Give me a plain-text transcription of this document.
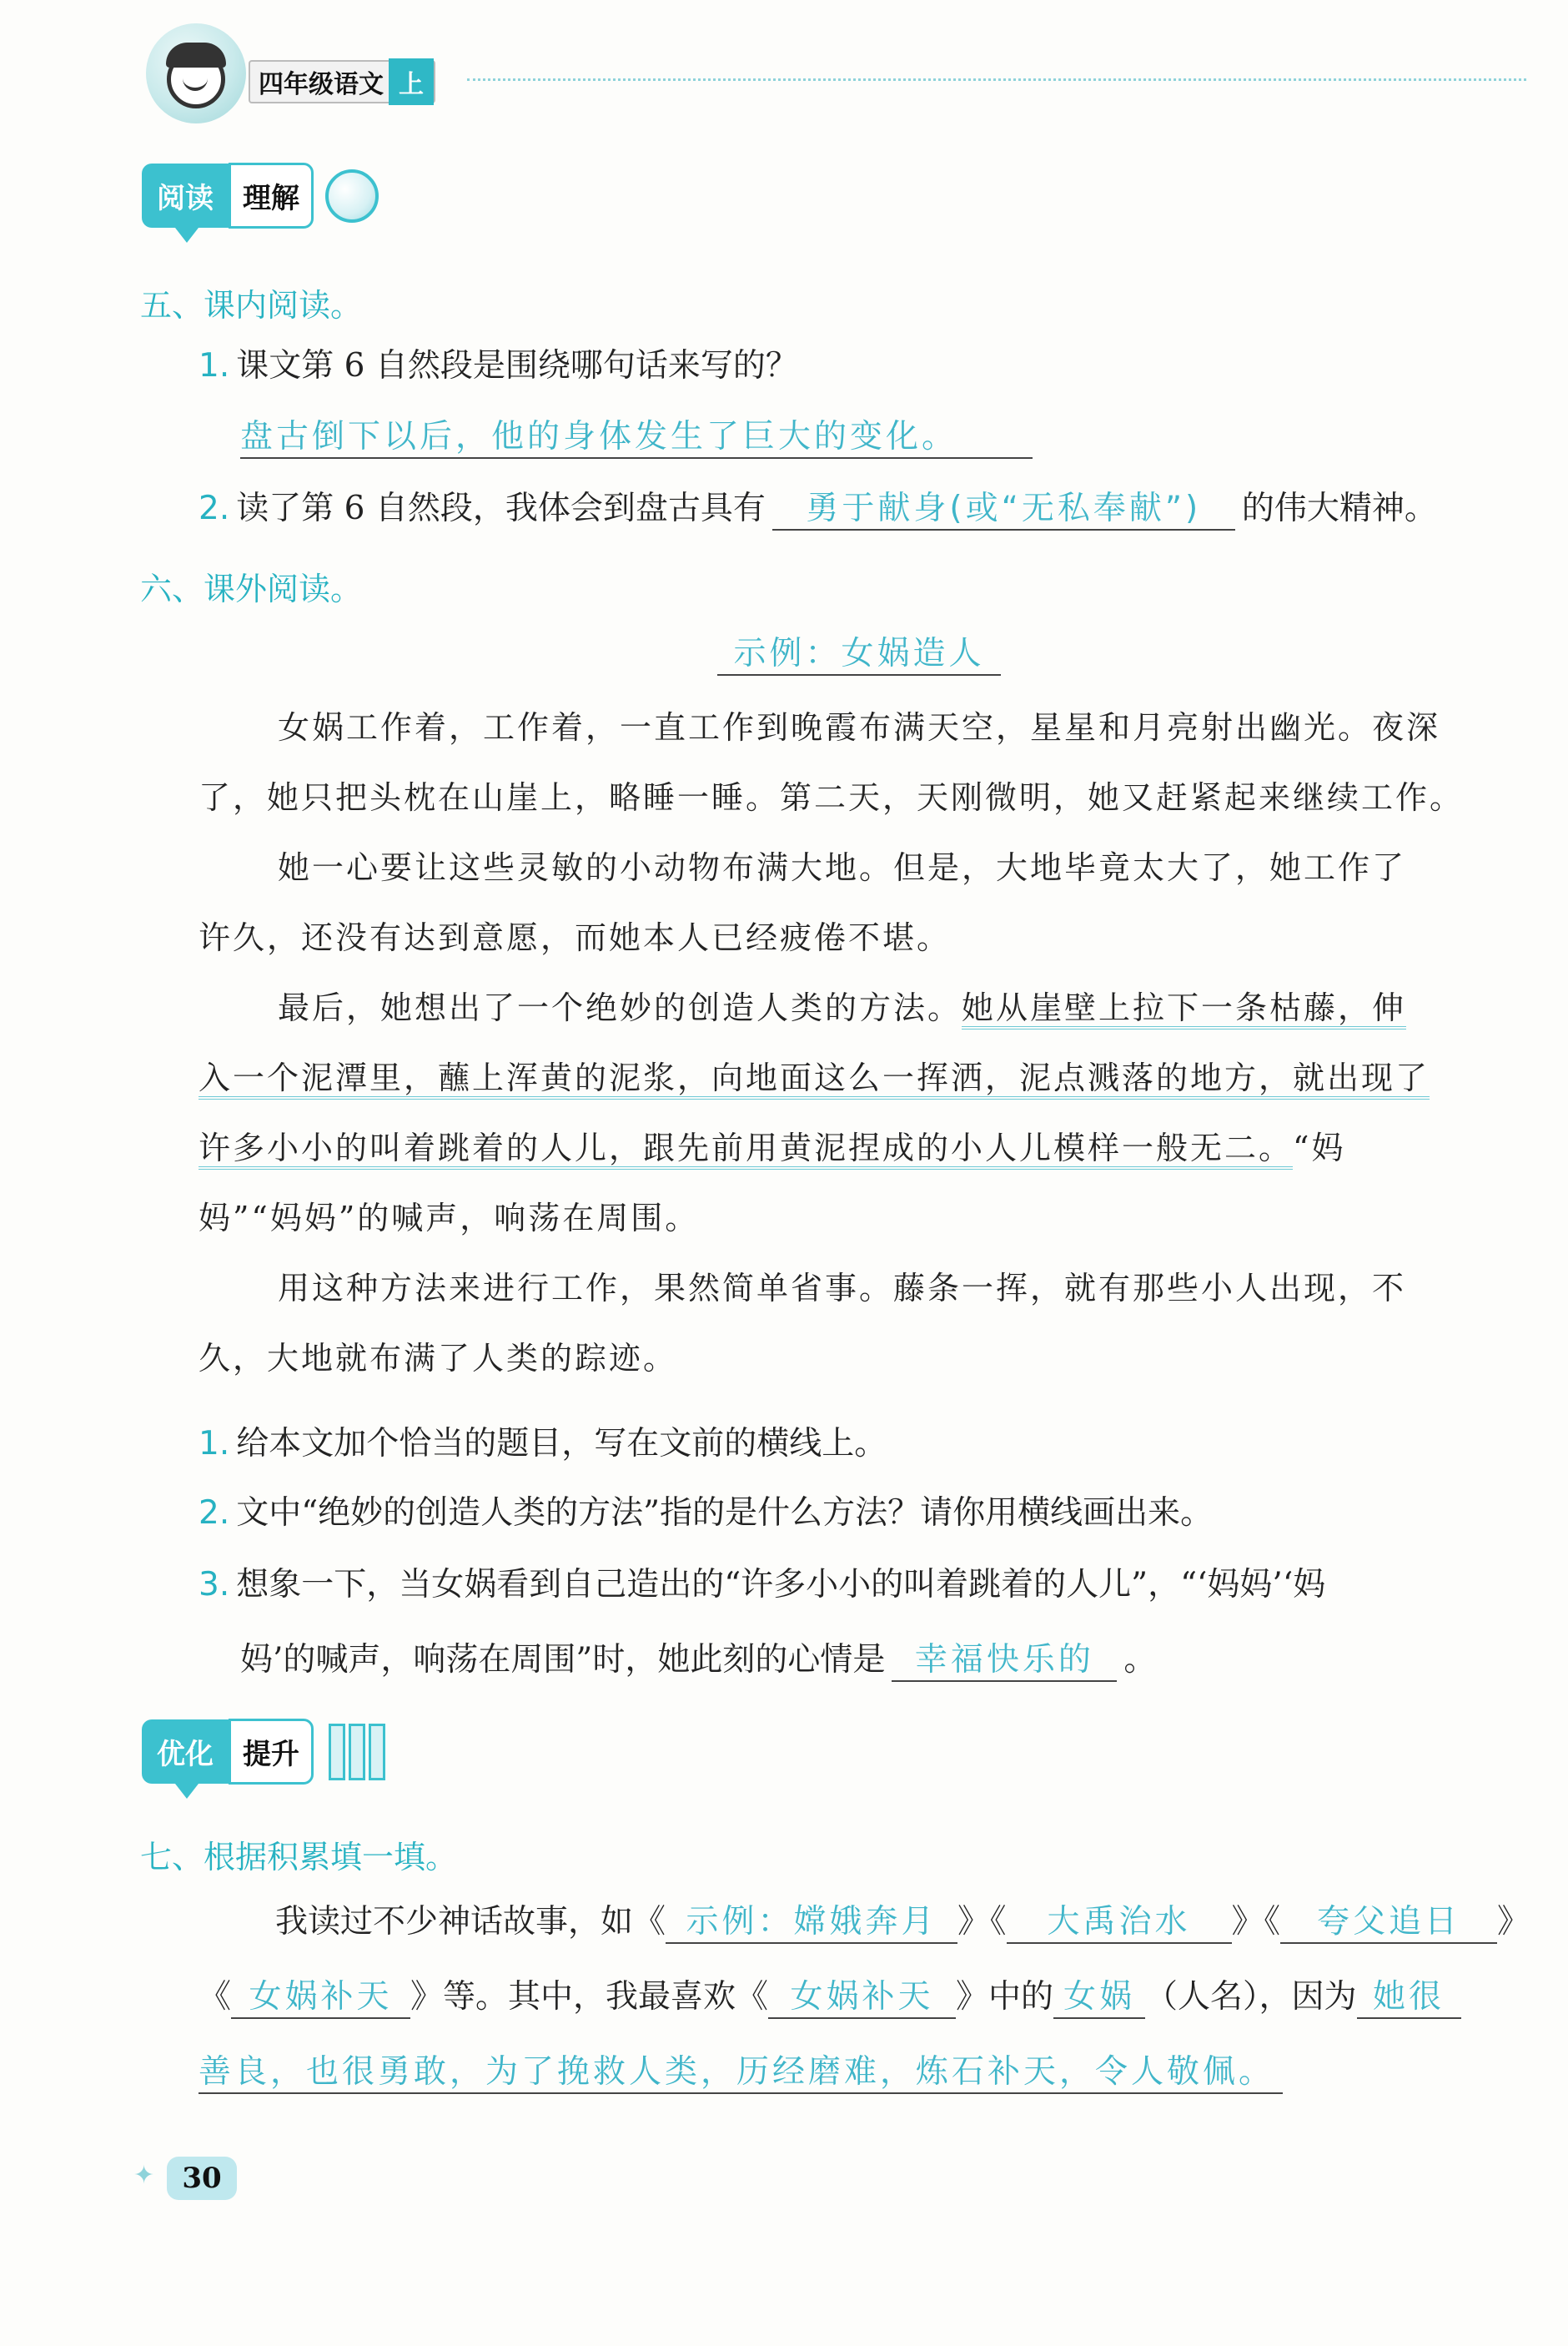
四年级语文 上
阅读	理解
五、课内阅读。
1. 课文第 6 自然段是围绕哪句话来写的？
盘古倒下以后，他的身体发生了巨大的变化。
2. 读了第 6 自然段，我体会到盘古具有 勇于献身(或“无私奉献”) 的伟大精神。
六、课外阅读。
示例：女娲造人
女娲工作着，工作着，一直工作到晚霞布满天空，星星和月亮射出幽光。夜深
了，她只把头枕在山崖上，略睡一睡。第二天，天刚微明，她又赶紧起来继续工作。
她一心要让这些灵敏的小动物布满大地。但是，大地毕竟太大了，她工作了
许久，还没有达到意愿，而她本人已经疲倦不堪。
最后，她想出了一个绝妙的创造人类的方法。她从崖壁上拉下一条枯藤，伸
入一个泥潭里，蘸上浑黄的泥浆，向地面这么一挥洒，泥点溅落的地方，就出现了
许多小小的叫着跳着的人儿，跟先前用黄泥捏成的小人儿模样一般无二。“妈
妈”“妈妈”的喊声，响荡在周围。
用这种方法来进行工作，果然简单省事。藤条一挥，就有那些小人出现，不
久，大地就布满了人类的踪迹。
1. 给本文加个恰当的题目，写在文前的横线上。
2. 文中“绝妙的创造人类的方法”指的是什么方法？请你用横线画出来。
3. 想象一下，当女娲看到自己造出的“许多小小的叫着跳着的人儿”，“‘妈妈’‘妈
妈’的喊声，响荡在周围”时，她此刻的心情是 幸福快乐的 。
优化	提升
七、根据积累填一填。
我读过不少神话故事，如《 示例：嫦娥奔月 》《 大禹治水 》《 夸父追日 》
《 女娲补天 》等。其中，我最喜欢《 女娲补天 》中的 女娲 （人名），因为 她很
善良，也很勇敢，为了挽救人类，历经磨难，炼石补天，令人敬佩。
✦ 30
